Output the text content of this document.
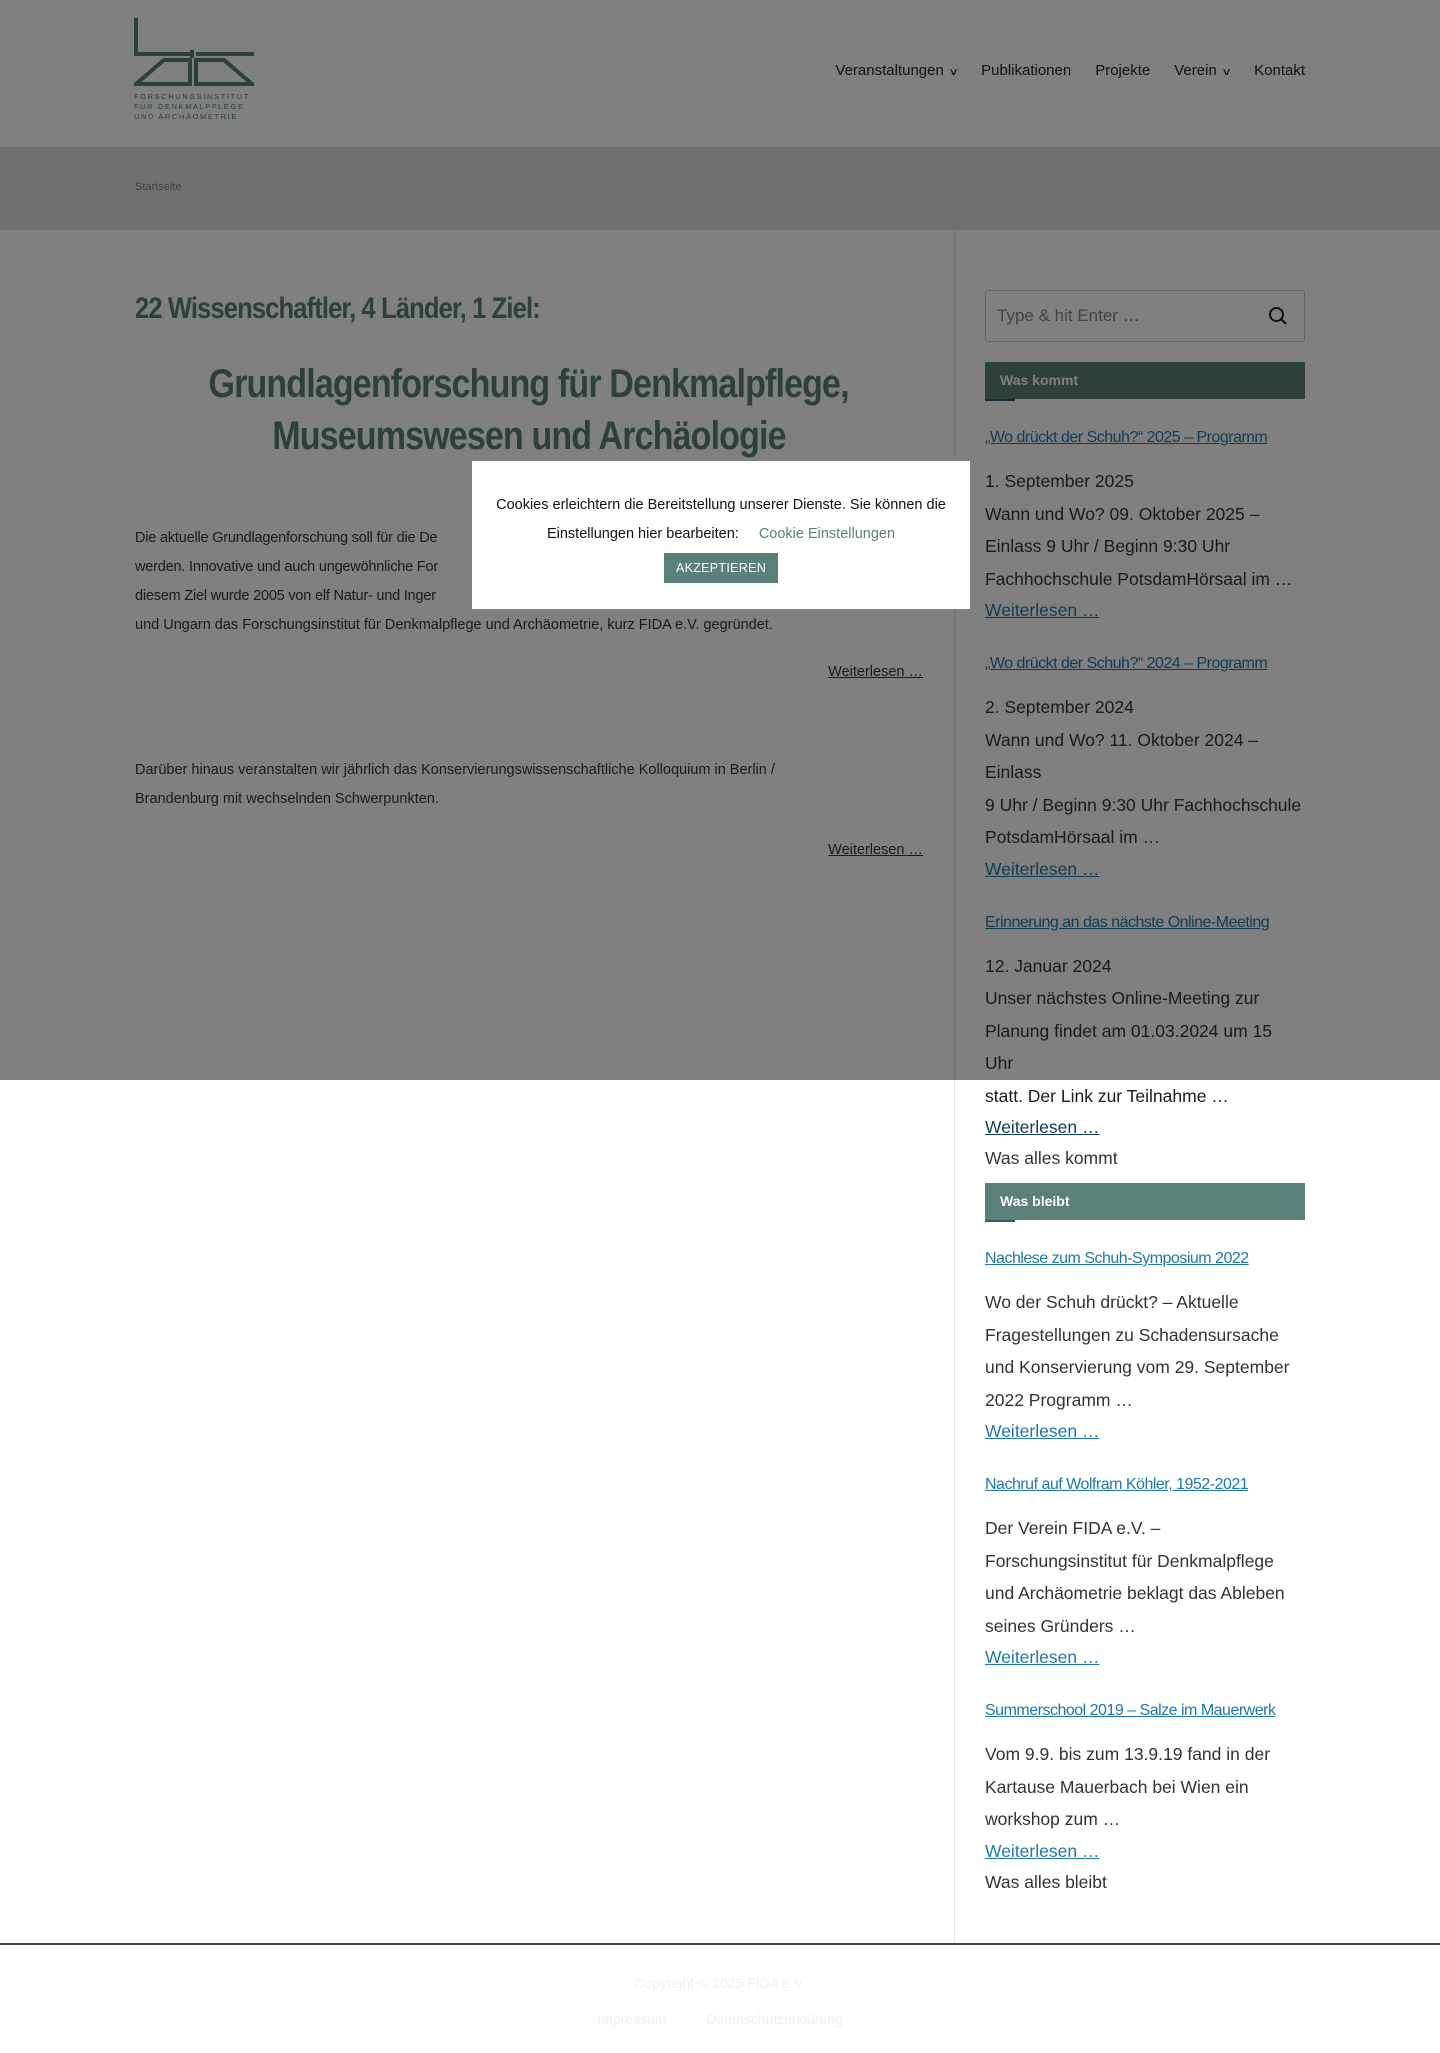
FORSCHUNGSINSTITUT
FÜR DENKMALPFLEGE
UND ARCHÄOMETRIE
Veranstaltungen ∨ Publikationen Projekte Verein ∨ Kontakt
Startseite
22 Wissenschaftler, 4 Länder, 1 Ziel:
Grundlagenforschung für Denkmalpflege,
Museumswesen und Archäologie
Die aktuelle Grundlagenforschung soll für die De
werden. Innovative und auch ungewöhnliche For
diesem Ziel wurde 2005 von elf Natur- und Inger
und Ungarn das Forschungsinstitut für Denkmalpflege und Archäometrie, kurz FIDA e.V. gegründet.
Weiterlesen …
Darüber hinaus veranstalten wir jährlich das Konservierungswissenschaftliche Kolloquium in Berlin /
Brandenburg mit wechselnden Schwerpunkten.
Weiterlesen …
Type & hit Enter …
Was kommt
„Wo drückt der Schuh?“ 2025 – Programm
1. September 2025
Wann und Wo? 09. Oktober 2025 –
Einlass 9 Uhr / Beginn 9:30 Uhr
Fachhochschule PotsdamHörsaal im …
Weiterlesen …
„Wo drückt der Schuh?“ 2024 – Programm
2. September 2024
Wann und Wo? 11. Oktober 2024 – Einlass
9 Uhr / Beginn 9:30 Uhr Fachhochschule
PotsdamHörsaal im …
Weiterlesen …
Erinnerung an das nächste Online-Meeting
12. Januar 2024
Unser nächstes Online-Meeting zur
Planung findet am 01.03.2024 um 15 Uhr
statt. Der Link zur Teilnahme …
Weiterlesen …
Was alles kommt
Was bleibt
Nachlese zum Schuh-Symposium 2022
Wo der Schuh drückt? – Aktuelle
Fragestellungen zu Schadensursache
und Konservierung vom 29. September
2022 Programm …
Weiterlesen …
Nachruf auf Wolfram Köhler, 1952-2021
Der Verein FIDA e.V. –
Forschungsinstitut für Denkmalpflege
und Archäometrie beklagt das Ableben
seines Gründers …
Weiterlesen …
Summerschool 2019 – Salze im Mauerwerk
Vom 9.9. bis zum 13.9.19 fand in der
Kartause Mauerbach bei Wien ein
workshop zum …
Weiterlesen …
Was alles bleibt
Copyright © 2025 FIDA e.V.
Impressum	Datenschutzerklärung
Cookies erleichtern die Bereitstellung unserer Dienste. Sie können die
Einstellungen hier bearbeiten: Cookie Einstellungen
AKZEPTIEREN
